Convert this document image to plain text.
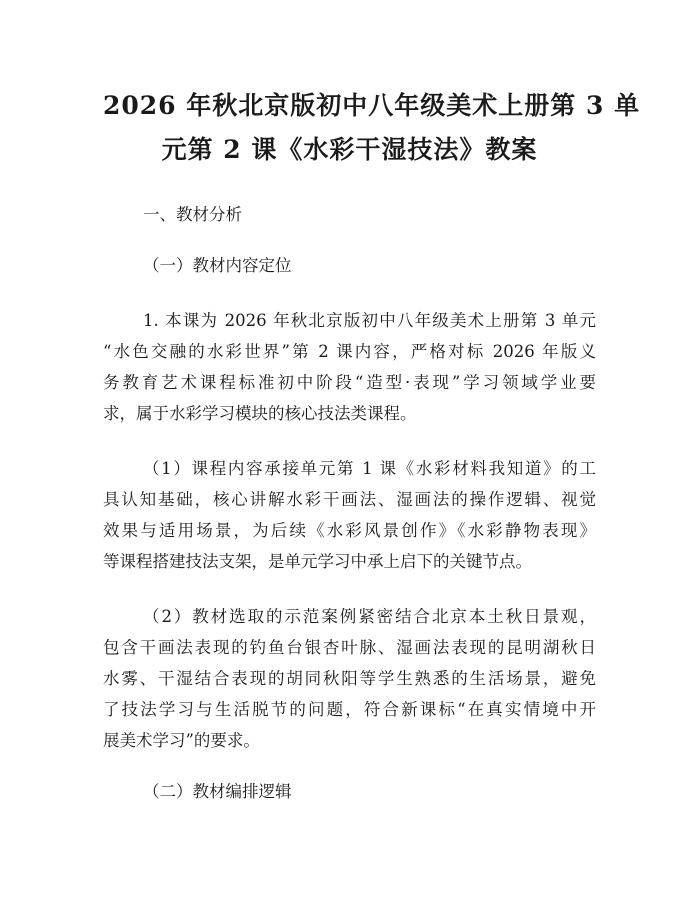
2026 年秋北京版初中八年级美术上册第 3 单
元第 2 课《水彩干湿技法》教案
一、教材分析
（一）教材内容定位
1. 本课为 2026 年秋北京版初中八年级美术上册第 3 单元
“水色交融的水彩世界”第 2 课内容，严格对标 2026 年版义
务教育艺术课程标准初中阶段“造型·表现”学习领域学业要
求，属于水彩学习模块的核心技法类课程。
（1）课程内容承接单元第 1 课《水彩材料我知道》的工
具认知基础，核心讲解水彩干画法、湿画法的操作逻辑、视觉
效果与适用场景，为后续《水彩风景创作》《水彩静物表现》
等课程搭建技法支架，是单元学习中承上启下的关键节点。
（2）教材选取的示范案例紧密结合北京本土秋日景观，
包含干画法表现的钓鱼台银杏叶脉、湿画法表现的昆明湖秋日
水雾、干湿结合表现的胡同秋阳等学生熟悉的生活场景，避免
了技法学习与生活脱节的问题，符合新课标“在真实情境中开
展美术学习”的要求。
（二）教材编排逻辑
